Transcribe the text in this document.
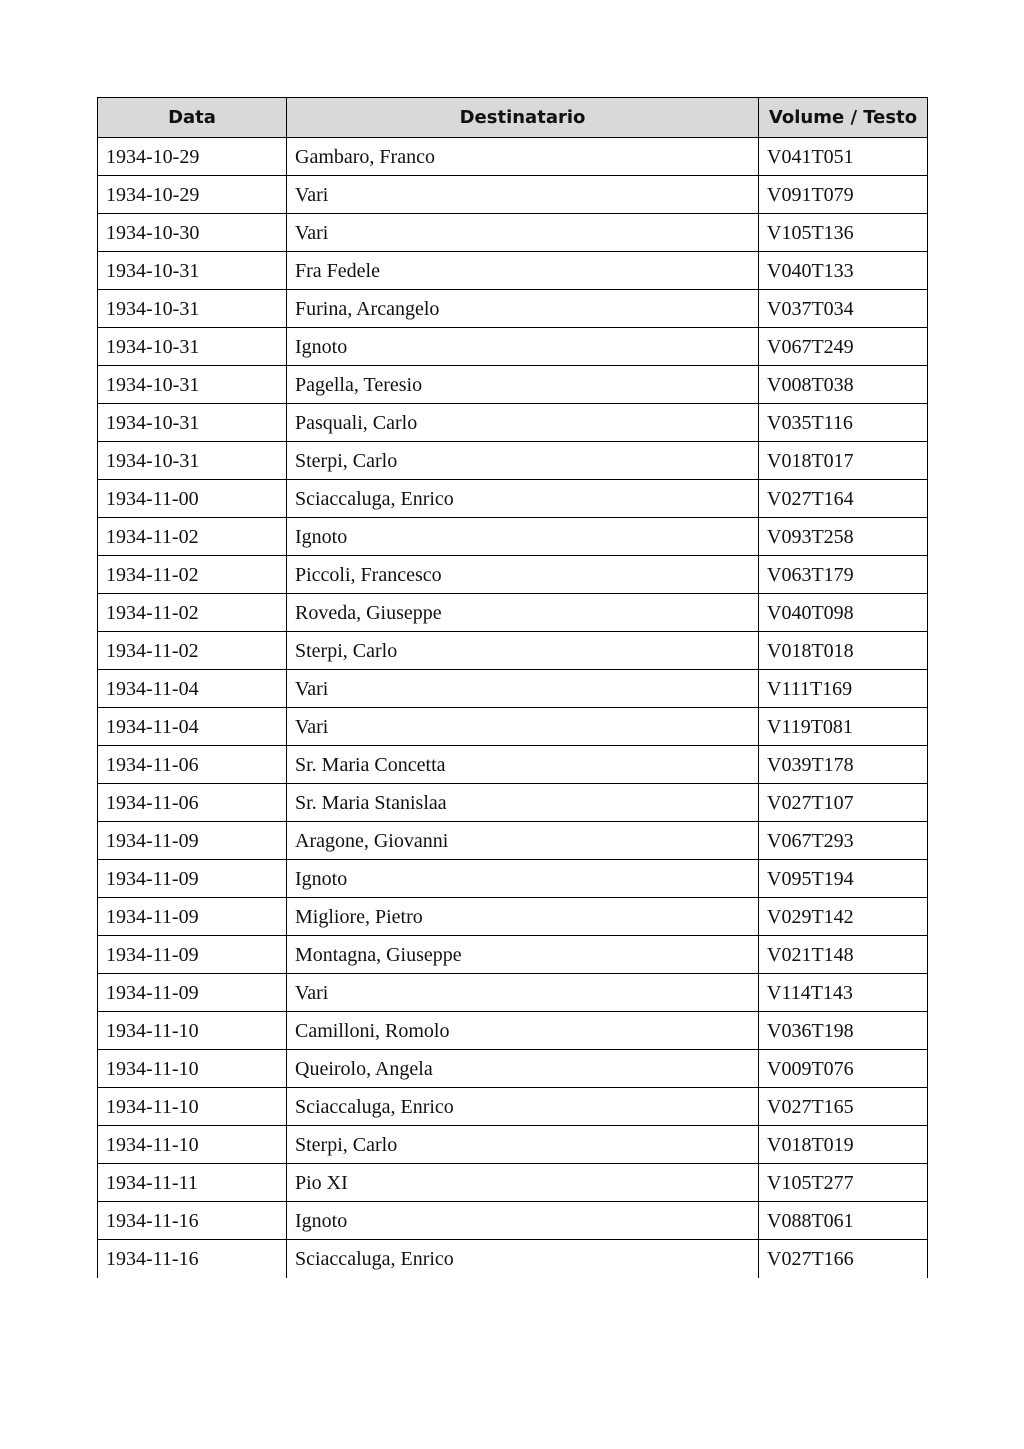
Data	Destinatario	Volume / Testo
1934-10-29	Gambaro, Franco	V041T051
1934-10-29	Vari	V091T079
1934-10-30	Vari	V105T136
1934-10-31	Fra Fedele	V040T133
1934-10-31	Furina, Arcangelo	V037T034
1934-10-31	Ignoto	V067T249
1934-10-31	Pagella, Teresio	V008T038
1934-10-31	Pasquali, Carlo	V035T116
1934-10-31	Sterpi, Carlo	V018T017
1934-11-00	Sciaccaluga, Enrico	V027T164
1934-11-02	Ignoto	V093T258
1934-11-02	Piccoli, Francesco	V063T179
1934-11-02	Roveda, Giuseppe	V040T098
1934-11-02	Sterpi, Carlo	V018T018
1934-11-04	Vari	V111T169
1934-11-04	Vari	V119T081
1934-11-06	Sr. Maria Concetta	V039T178
1934-11-06	Sr. Maria Stanislaa	V027T107
1934-11-09	Aragone, Giovanni	V067T293
1934-11-09	Ignoto	V095T194
1934-11-09	Migliore, Pietro	V029T142
1934-11-09	Montagna, Giuseppe	V021T148
1934-11-09	Vari	V114T143
1934-11-10	Camilloni, Romolo	V036T198
1934-11-10	Queirolo, Angela	V009T076
1934-11-10	Sciaccaluga, Enrico	V027T165
1934-11-10	Sterpi, Carlo	V018T019
1934-11-11	Pio XI	V105T277
1934-11-16	Ignoto	V088T061
1934-11-16	Sciaccaluga, Enrico	V027T166
